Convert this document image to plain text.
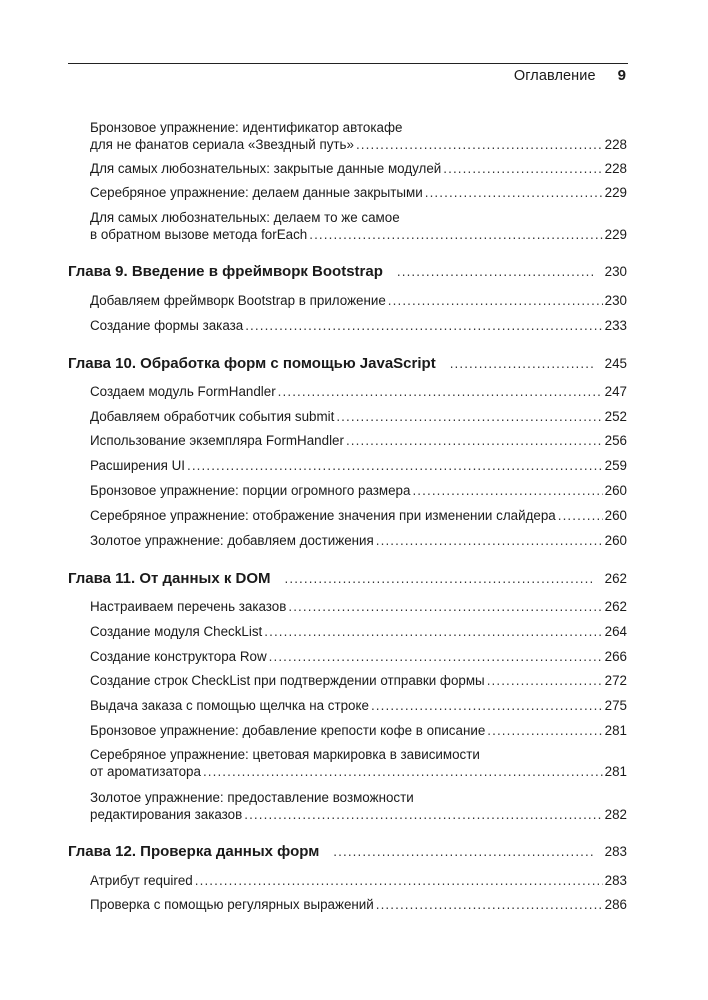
Оглавление 9
Бронзовое упражнение: идентификатор автокафе
для не фанатов сериала «Звездный путь» . . .	228
Для самых любознательных: закрытые данные модулей . . .	228
Серебряное упражнение: делаем данные закрытыми . . .	229
Для самых любознательных: делаем то же самое
в обратном вызове метода forEach . . .	229
Глава 9. Введение в фреймворк Bootstrap . . .	230
Добавляем фреймворк Bootstrap в приложение . . .	230
Создание формы заказа . . .	233
Глава 10. Обработка форм с помощью JavaScript . . .	245
Создаем модуль FormHandler . . .	247
Добавляем обработчик события submit . . .	252
Использование экземпляра FormHandler . . .	256
Расширения UI . . .	259
Бронзовое упражнение: порции огромного размера . . .	260
Серебряное упражнение: отображение значения при изменении слайдера . . .	260
Золотое упражнение: добавляем достижения . . .	260
Глава 11. От данных к DOM . . .	262
Настраиваем перечень заказов . . .	262
Создание модуля CheckList . . .	264
Создание конструктора Row . . .	266
Создание строк CheckList при подтверждении отправки формы . . .	272
Выдача заказа с помощью щелчка на строке . . .	275
Бронзовое упражнение: добавление крепости кофе в описание . . .	281
Серебряное упражнение: цветовая маркировка в зависимости
от ароматизатора . . .	281
Золотое упражнение: предоставление возможности
редактирования заказов . . .	282
Глава 12. Проверка данных форм . . .	283
Атрибут required . . .	283
Проверка с помощью регулярных выражений . . .	286
